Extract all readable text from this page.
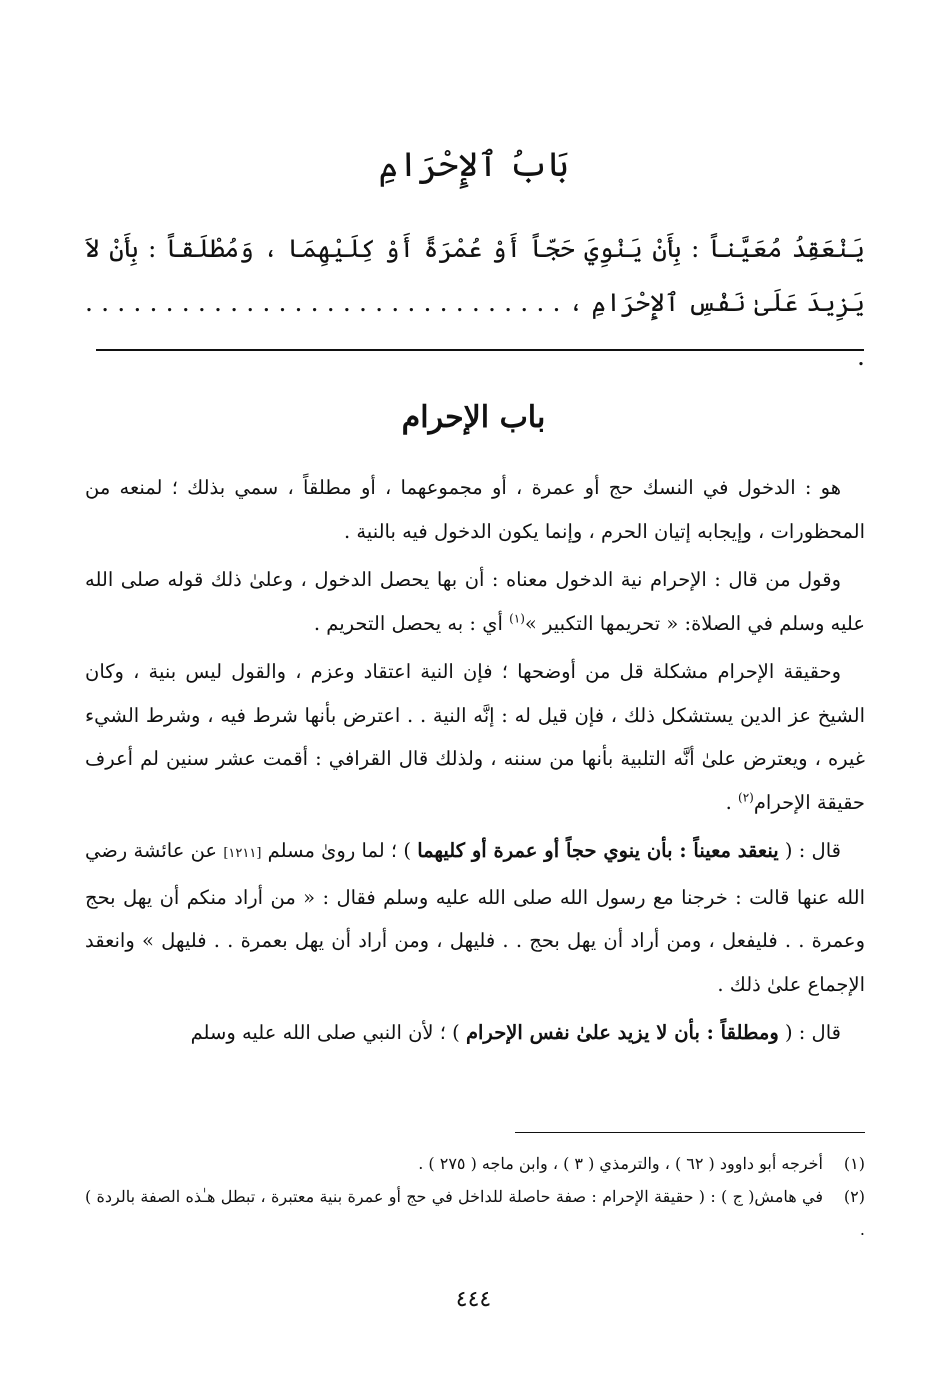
بَابُ ٱلإِحْرَامِ
يَنْعَقِدُ مُعَيَّناً : بِأَنْ يَنْوِيَ حَجّاً أَوْ عُمْرَةً أَوْ كِلَيْهِمَا ، وَمُطْلَقاً : بِأَنْ لاَ يَزِيدَ عَلَىٰ نَفْسِ ٱلإِحْرَامِ ، . . . . . . . . . . . . . . . . . . . . . . . . . . . . . . .
باب الإحرام

هو : الدخول في النسك حج أو عمرة ، أو مجموعهما ، أو مطلقاً ، سمي بذلك ؛ لمنعه من المحظورات ، وإيجابه إتيان الحرم ، وإنما يكون الدخول فيه بالنية .

وقول من قال : الإحرام نية الدخول معناه : أن بها يحصل الدخول ، وعلىٰ ذلك قوله صلى الله عليه وسلم في الصلاة: « تحريمها التكبير »$^{(١)}$ أي : به يحصل التحريم .

وحقيقة الإحرام مشكلة قل من أوضحها ؛ فإن النية اعتقاد وعزم ، والقول ليس بنية ، وكان الشيخ عز الدين يستشكل ذلك ، فإن قيل له : إنَّه النية . . اعترض بأنها شرط فيه ، وشرط الشيء غيره ، ويعترض علىٰ أنَّه التلبية بأنها من سننه ، ولذلك قال القرافي : أقمت عشر سنين لم أعرف حقيقة الإحرام$^{(٢)}$ .

قال : ( ينعقد معيناً : بأن ينوي حجاً أو عمرة أو كليهما ) ؛ لما روىٰ مسلم [١٢١١] عن عائشة رضي الله عنها قالت : خرجنا مع رسول الله صلى الله عليه وسلم فقال : « من أراد منكم أن يهل بحج وعمرة . . فليفعل ، ومن أراد أن يهل بحج . . فليهل ، ومن أراد أن يهل بعمرة . . فليهل » وانعقد الإجماع علىٰ ذلك .

قال : ( ومطلقاً : بأن لا يزيد علىٰ نفس الإحرام ) ؛ لأن النبي صلى الله عليه وسلم

(١)أخرجه أبو داوود ( ٦٢ ) ، والترمذي ( ٣ ) ، وابن ماجه ( ٢٧٥ ) .

(٢)في هامش( ج ) : ( حقيقة الإحرام : صفة حاصلة للداخل في حج أو عمرة بنية معتبرة ، تبطل هـٰذه الصفة بالردة ) .

٤٤٤
